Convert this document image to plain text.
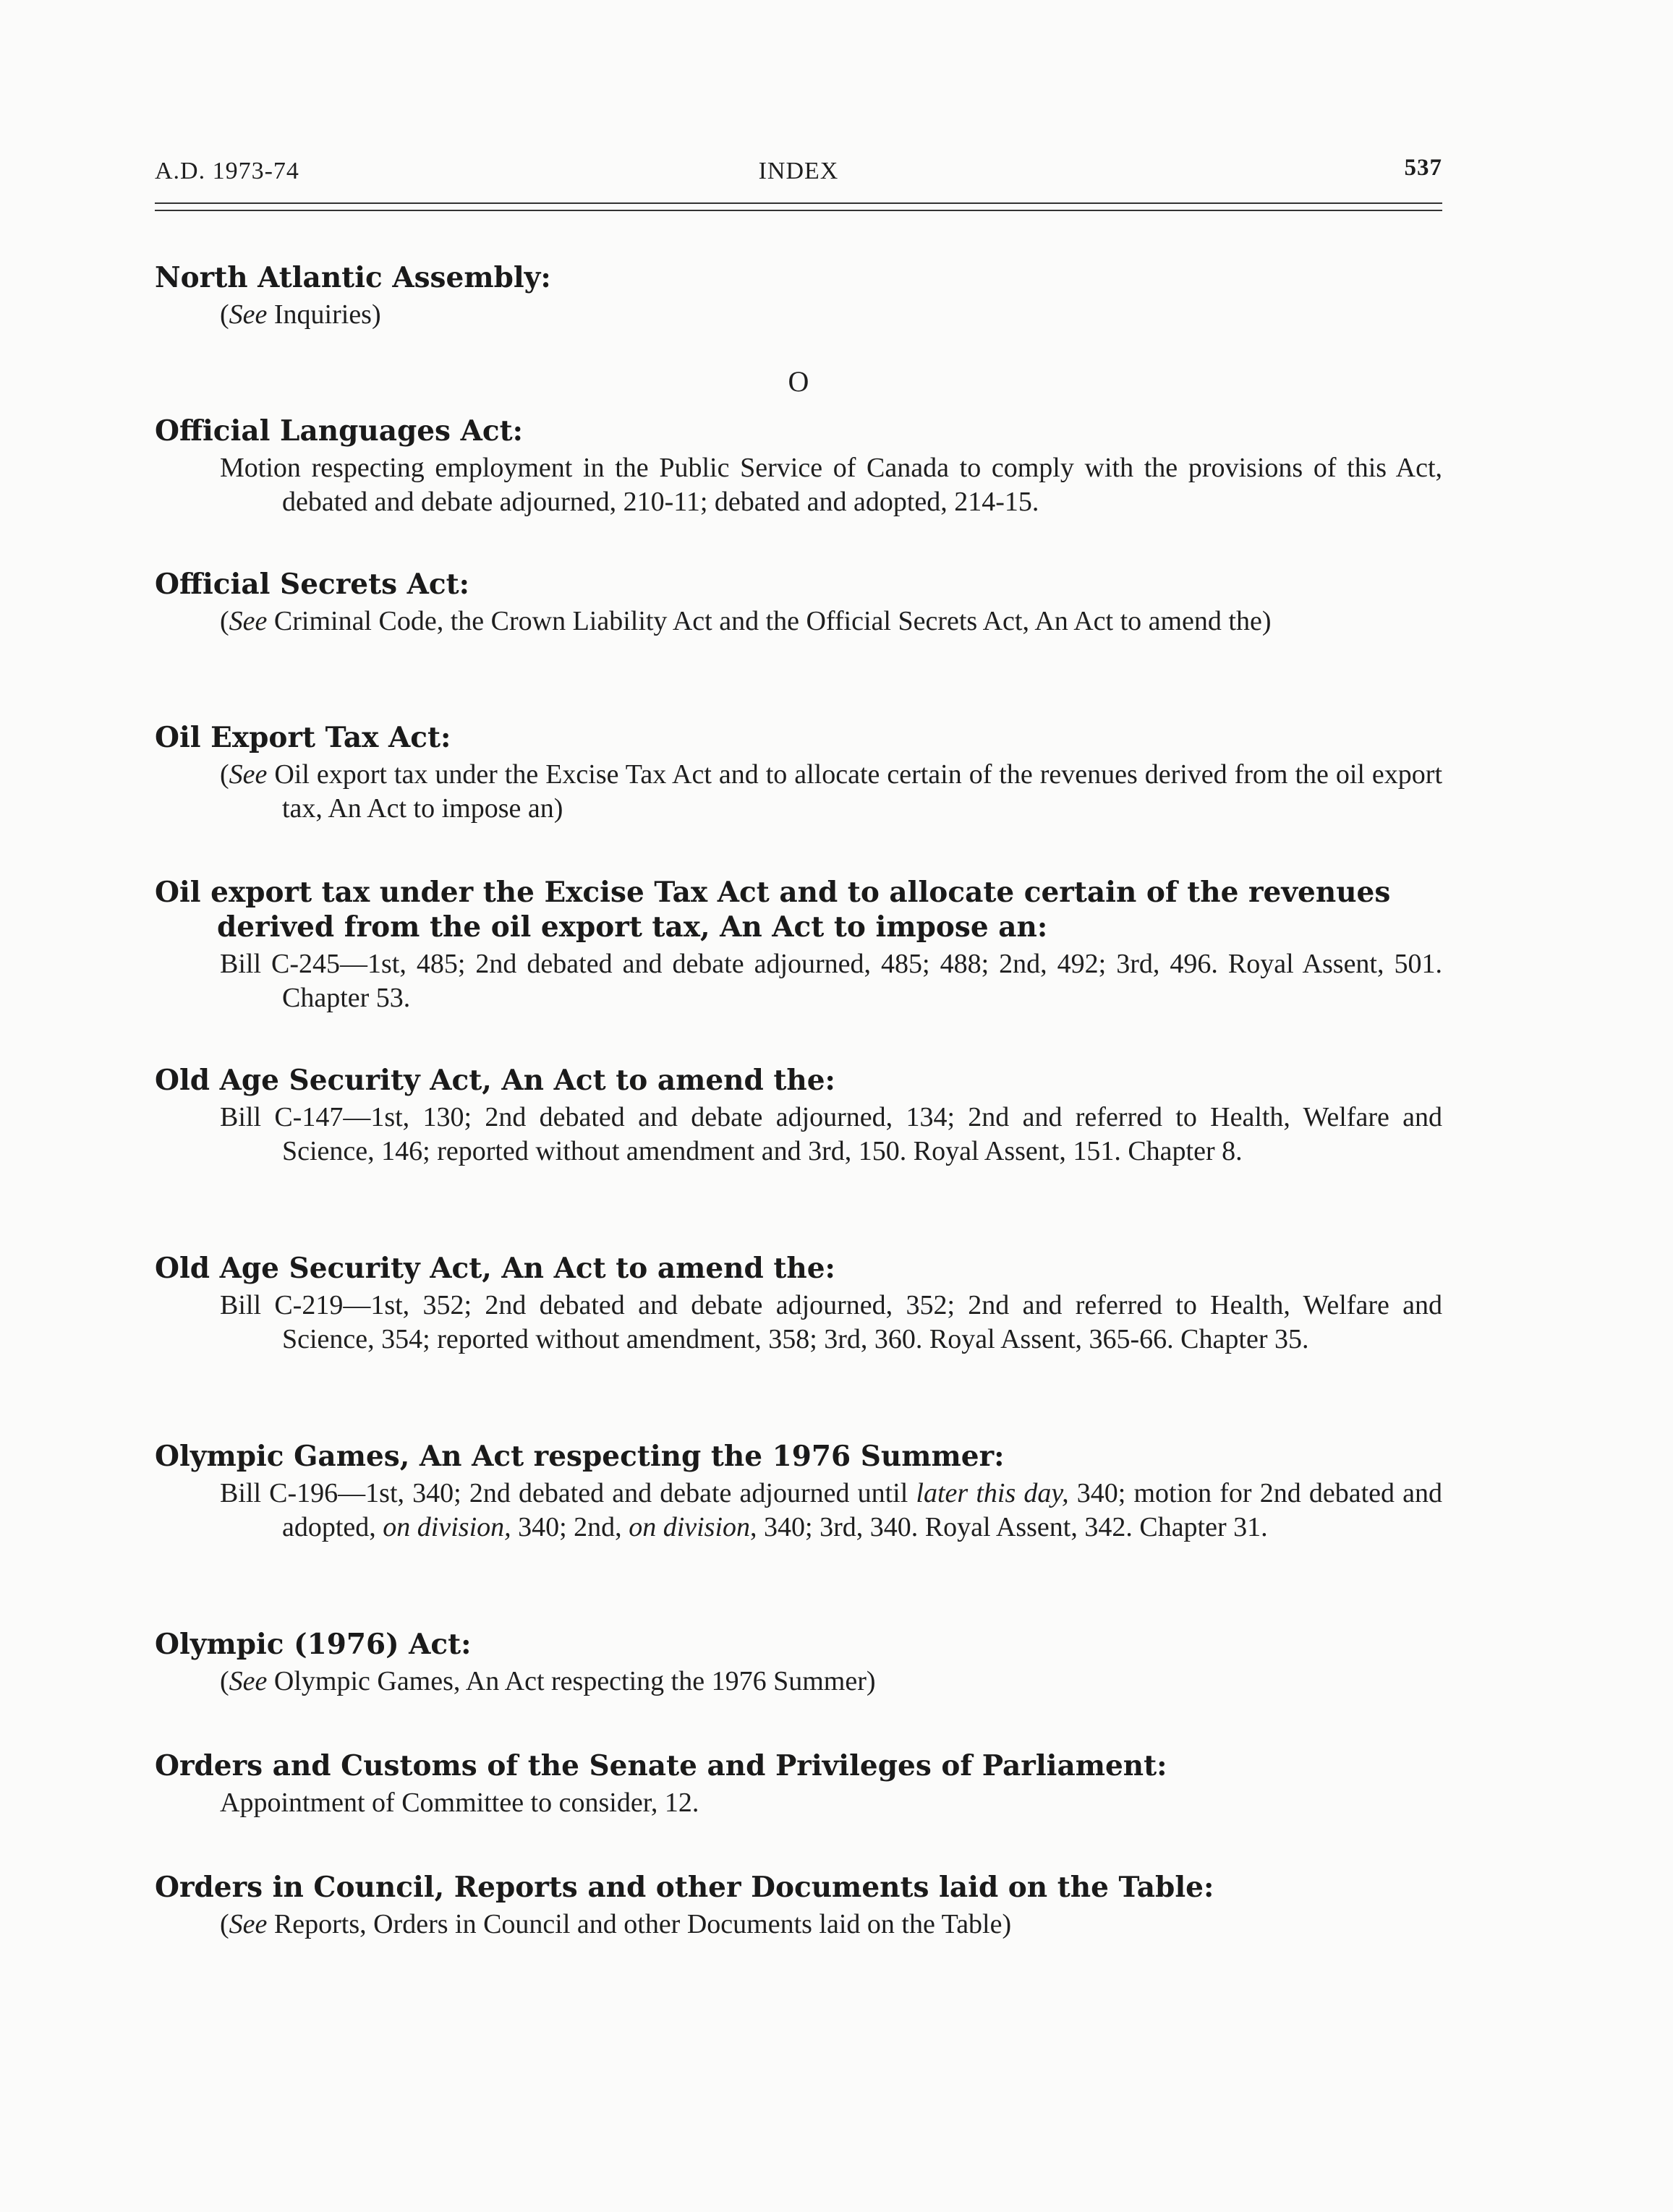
A.D. 1973-74	INDEX	537

North Atlantic Assembly:

(See Inquiries)

O

Official Languages Act:

Motion respecting employment in the Public Service of Canada to comply with the provisions of this Act, debated and debate adjourned, 210-11; debated and adopted, 214-15.

Official Secrets Act:

(See Criminal Code, the Crown Liability Act and the Official Secrets Act, An Act to amend the)

Oil Export Tax Act:

(See Oil export tax under the Excise Tax Act and to allocate certain of the revenues derived from the oil export tax, An Act to impose an)

Oil export tax under the Excise Tax Act and to allocate certain of the revenues derived from the oil export tax, An Act to impose an:

Bill C-245—1st, 485; 2nd debated and debate adjourned, 485; 488; 2nd, 492; 3rd, 496. Royal Assent, 501. Chapter 53.

Old Age Security Act, An Act to amend the:

Bill C-147—1st, 130; 2nd debated and debate adjourned, 134; 2nd and referred to Health, Welfare and Science, 146; reported without amendment and 3rd, 150. Royal Assent, 151. Chapter 8.

Old Age Security Act, An Act to amend the:

Bill C-219—1st, 352; 2nd debated and debate adjourned, 352; 2nd and referred to Health, Welfare and Science, 354; reported without amendment, 358; 3rd, 360. Royal Assent, 365-66. Chapter 35.

Olympic Games, An Act respecting the 1976 Summer:

Bill C-196—1st, 340; 2nd debated and debate adjourned until later this day, 340; motion for 2nd debated and adopted, on division, 340; 2nd, on division, 340; 3rd, 340. Royal Assent, 342. Chapter 31.

Olympic (1976) Act:

(See Olympic Games, An Act respecting the 1976 Summer)

Orders and Customs of the Senate and Privileges of Parliament:

Appointment of Committee to consider, 12.

Orders in Council, Reports and other Documents laid on the Table:

(See Reports, Orders in Council and other Documents laid on the Table)
